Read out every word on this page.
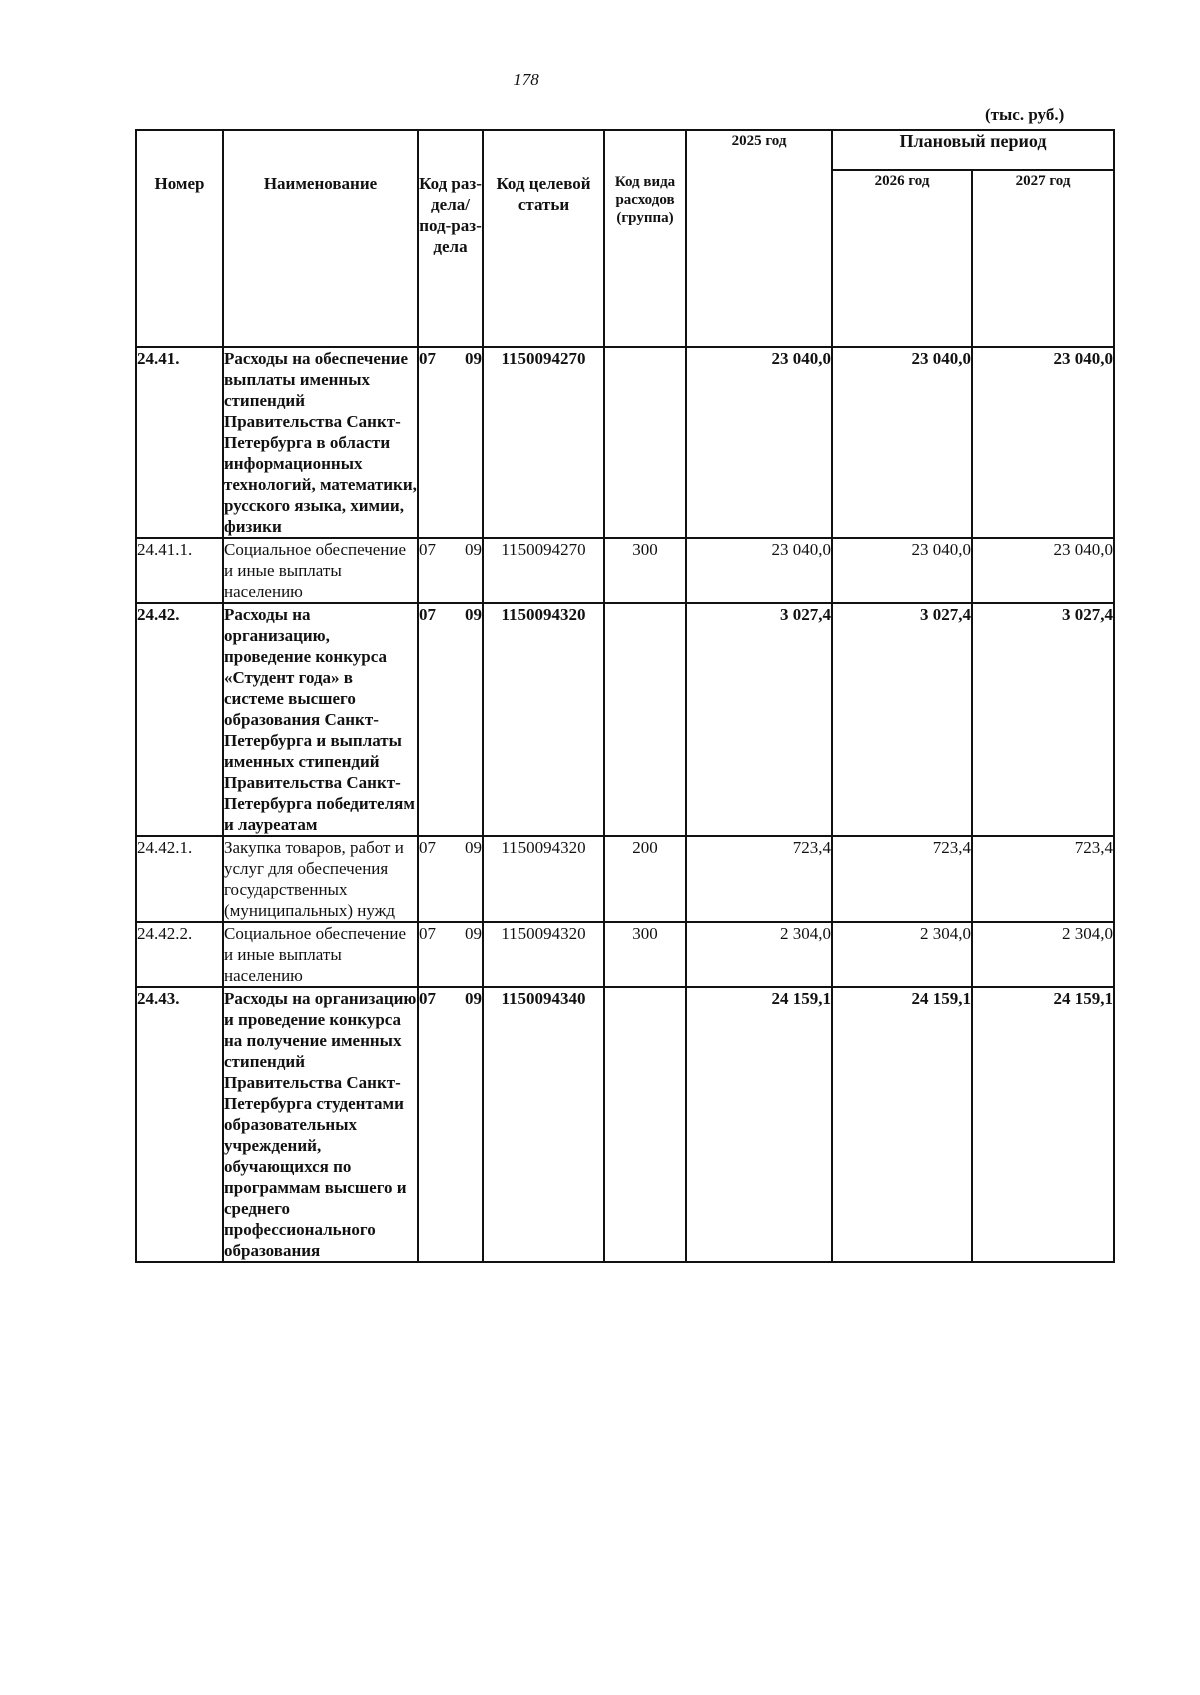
178
(тыс. руб.)
Номер	Наименование	Код раз-дела/ под-раз-дела	Код целевой статьи	Код вида расходов (группа)	2025 год	Плановый период	
						2026 год	2027 год
24.41.	Расходы на обеспечение выплаты именных стипендий Правительства Санкт-Петербурга в области информационных технологий, математики, русского языка, химии, физики	07 09	1150094270		23 040,0	23 040,0	23 040,0
24.41.1.	Социальное обеспечение и иные выплаты населению	07 09	1150094270	300	23 040,0	23 040,0	23 040,0
24.42.	Расходы на организацию, проведение конкурса «Студент года» в системе высшего образования Санкт-Петербурга и выплаты именных стипендий Правительства Санкт-Петербурга победителям и лауреатам	07 09	1150094320		3 027,4	3 027,4	3 027,4
24.42.1.	Закупка товаров, работ и услуг для обеспечения государственных (муниципальных) нужд	07 09	1150094320	200	723,4	723,4	723,4
24.42.2.	Социальное обеспечение и иные выплаты населению	07 09	1150094320	300	2 304,0	2 304,0	2 304,0
24.43.	Расходы на организацию и проведение конкурса на получение именных стипендий Правительства Санкт-Петербурга студентами образовательных учреждений, обучающихся по программам высшего и среднего профессионального образования	07 09	1150094340		24 159,1	24 159,1	24 159,1
